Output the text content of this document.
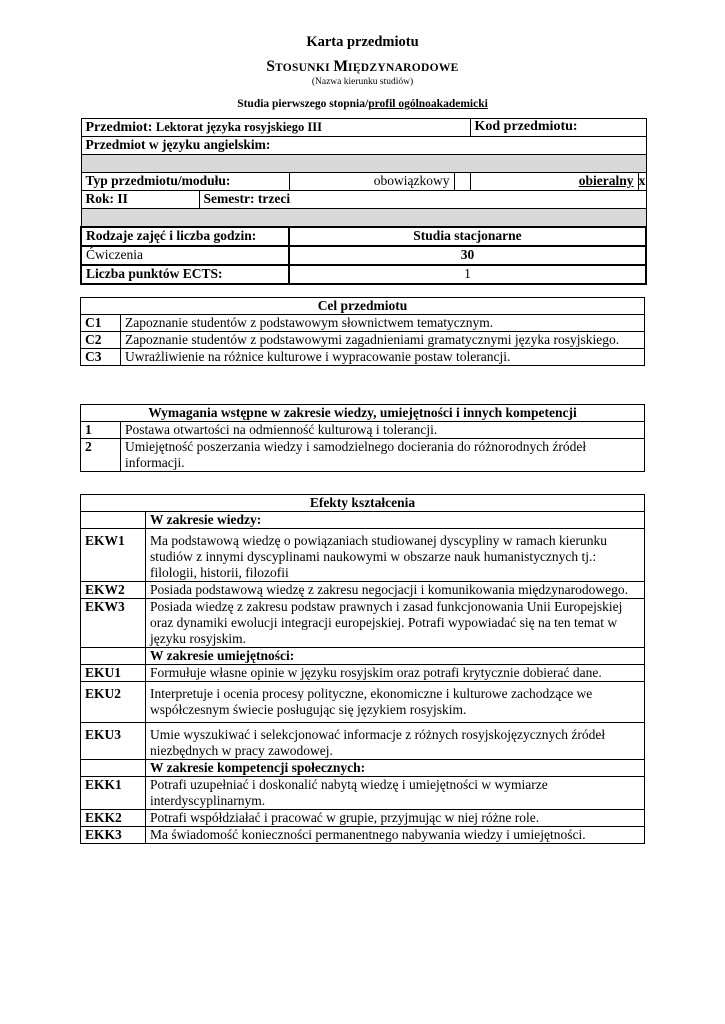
Karta przedmiotu
STOSUNKI MIĘDZYNARODOWE
(Nazwa kierunku studiów)
Studia pierwszego stopnia/profil ogólnoakademicki
Przedmiot: Lektorat języka rosyjskiego III				Kod przedmiotu:	
Przedmiot w języku angielskim:					

Typ przedmiotu/modułu:		obowiązkowy		obieralny	x
Rok: II	Semestr: trzeci				

Rodzaje zajęć i liczba godzin:		Studia stacjonarne			
Ćwiczenia		30			
Liczba punktów ECTS:		1			
Cel przedmiotu	
C1	Zapoznanie studentów z podstawowym słownictwem tematycznym.
C2	Zapoznanie studentów z podstawowymi zagadnieniami gramatycznymi języka rosyjskiego.
C3	Uwrażliwienie na różnice kulturowe i wypracowanie postaw tolerancji.
Wymagania wstępne w zakresie wiedzy, umiejętności i innych kompetencji	
1	Postawa otwartości na odmienność kulturową i tolerancji.
2	Umiejętność poszerzania wiedzy i samodzielnego docierania do różnorodnych źródeł informacji.
Efekty kształcenia	
	W zakresie wiedzy:
EKW1	Ma podstawową wiedzę o powiązaniach studiowanej dyscypliny w ramach kierunku studiów z innymi dyscyplinami naukowymi w obszarze nauk humanistycznych tj.: filologii, historii, filozofii
EKW2	Posiada podstawową wiedzę z zakresu negocjacji i komunikowania międzynarodowego.
EKW3	Posiada wiedzę z zakresu podstaw prawnych i zasad funkcjonowania Unii Europejskiej oraz dynamiki ewolucji integracji europejskiej. Potrafi wypowiadać się na ten temat w języku rosyjskim.
	W zakresie umiejętności:
EKU1	Formułuje własne opinie w języku rosyjskim oraz potrafi krytycznie dobierać dane.
EKU2	Interpretuje i ocenia procesy polityczne, ekonomiczne i kulturowe zachodzące we współczesnym świecie posługując się językiem rosyjskim.
EKU3	Umie wyszukiwać i selekcjonować informacje z różnych rosyjskojęzycznych źródeł niezbędnych w pracy zawodowej.
	W zakresie kompetencji społecznych:
EKK1	Potrafi uzupełniać i doskonalić nabytą wiedzę i umiejętności w wymiarze interdyscyplinarnym.
EKK2	Potrafi współdziałać i pracować w grupie, przyjmując w niej różne role.
EKK3	Ma świadomość konieczności permanentnego nabywania wiedzy i umiejętności.
